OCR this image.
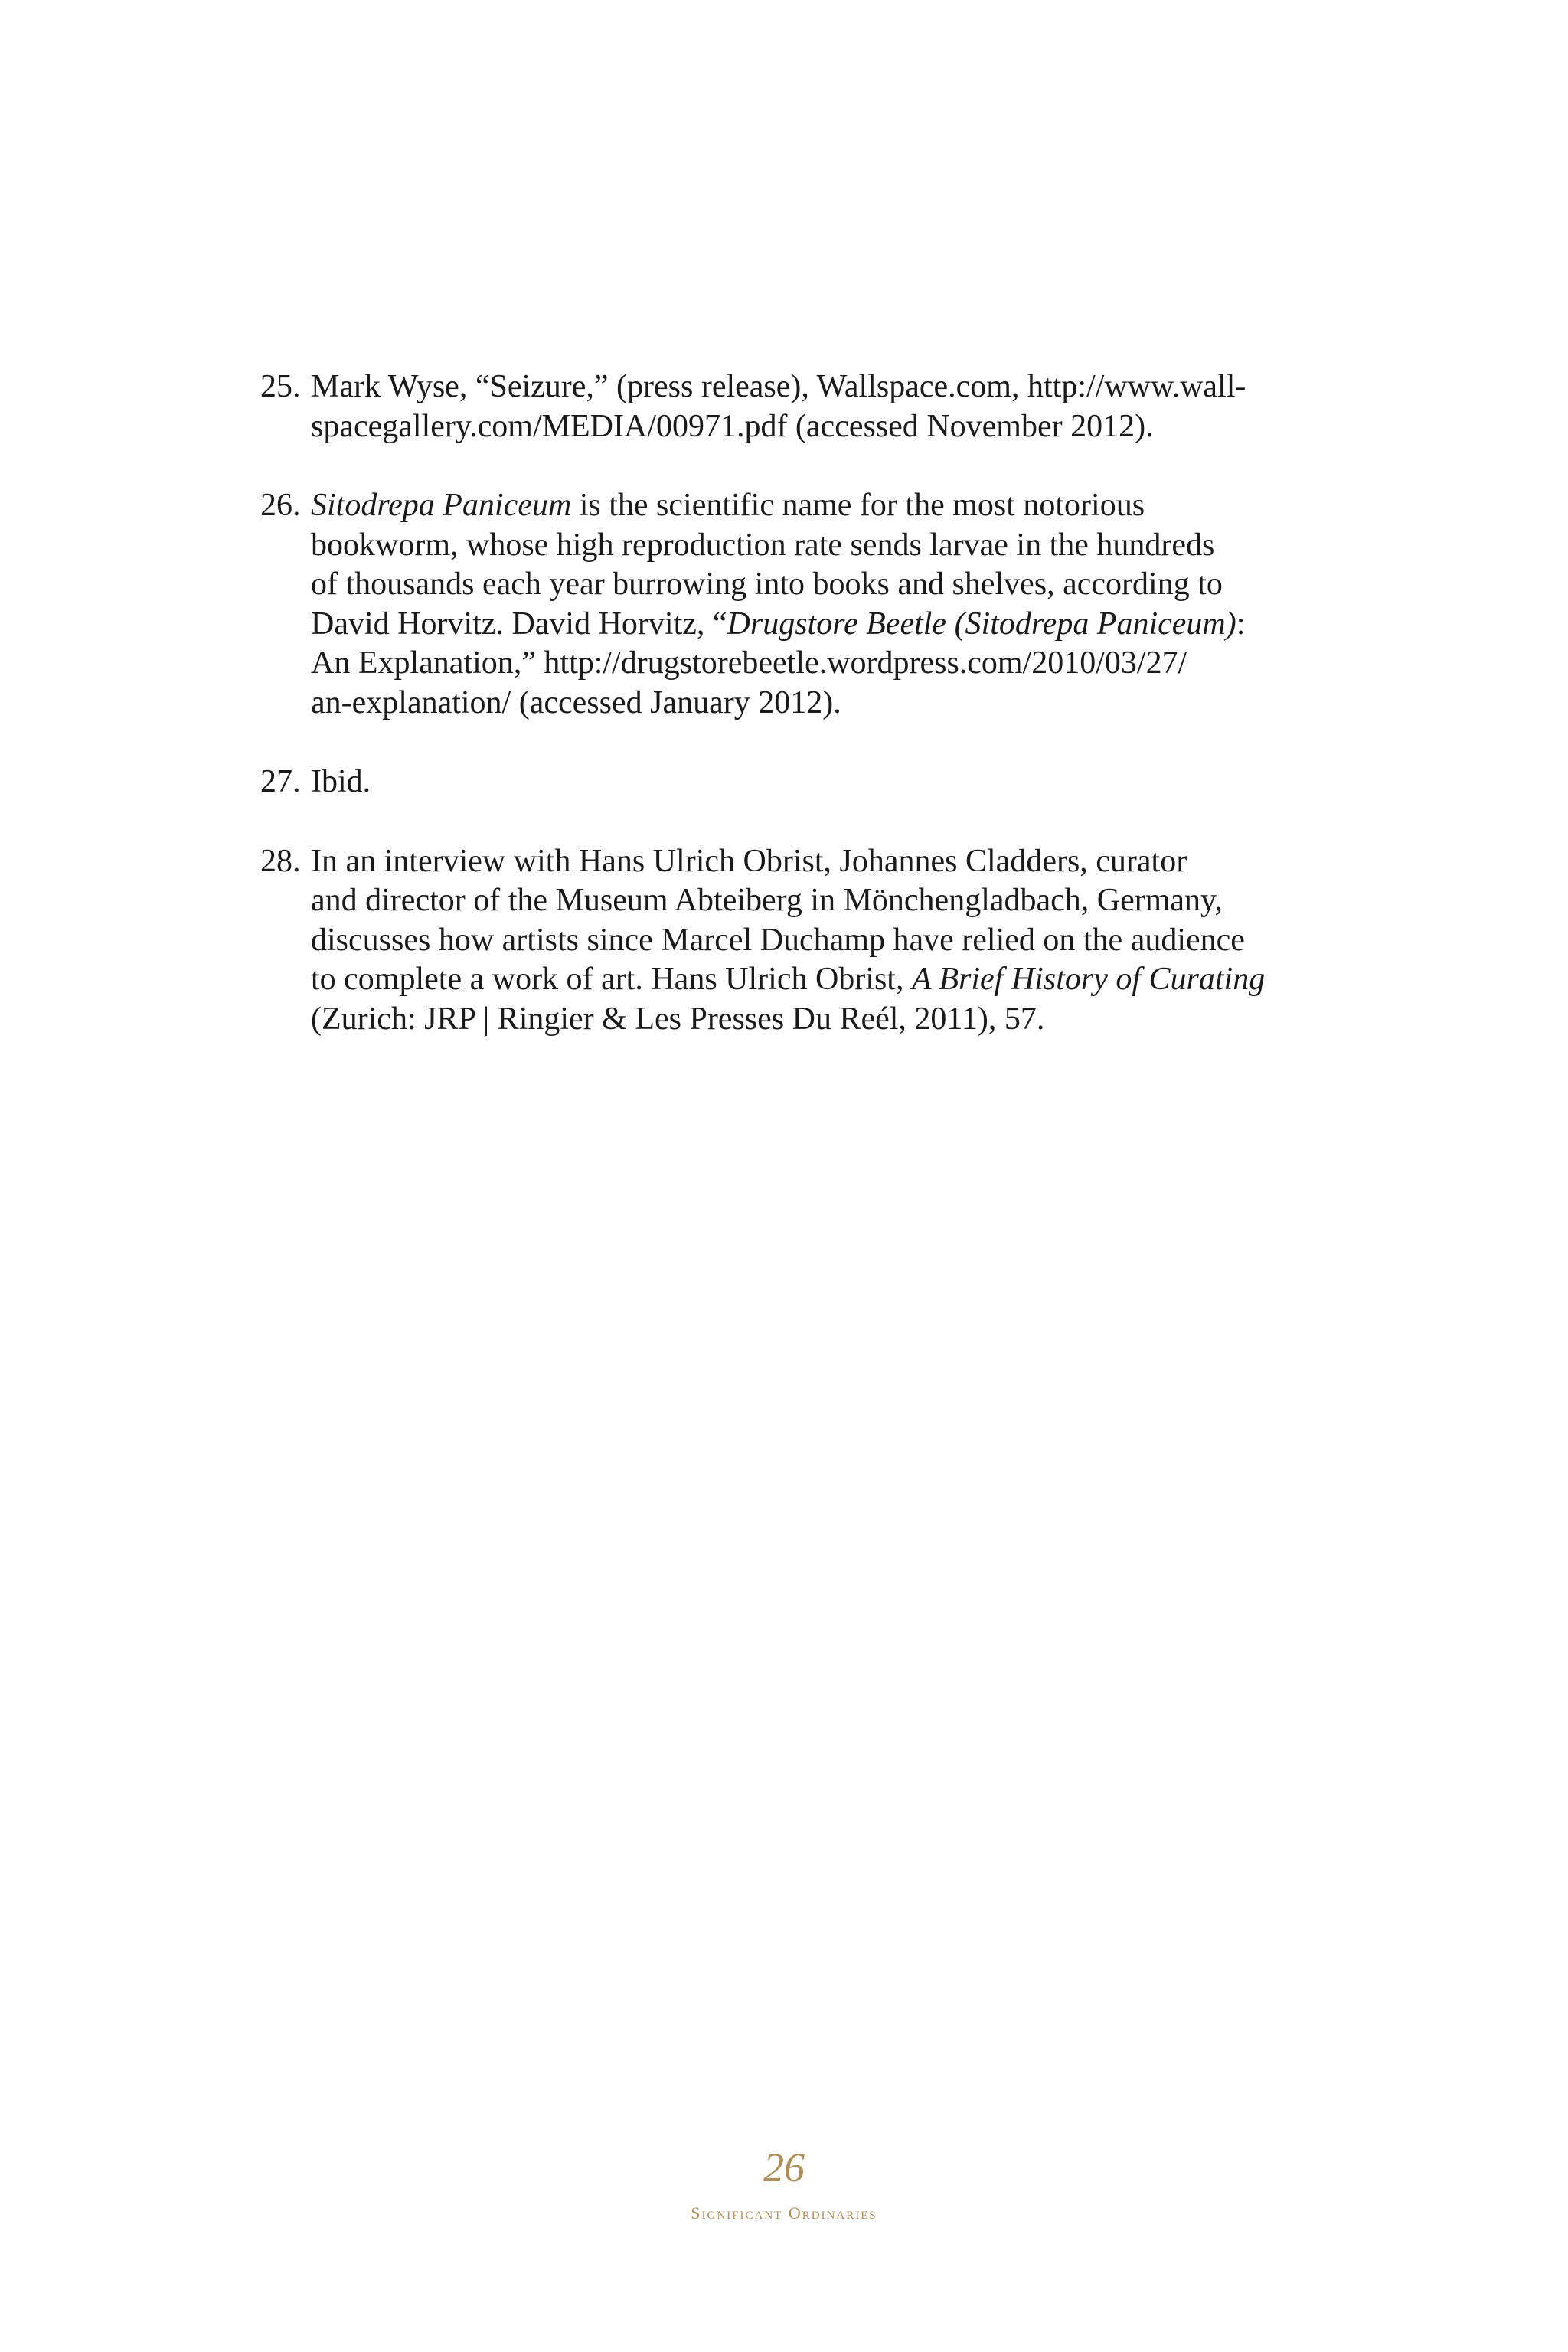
25. Mark Wyse, “Seizure,” (press release), Wallspace.com, http://www.wall-
spacegallery.com/MEDIA/00971.pdf (accessed November 2012).
26. Sitodrepa Paniceum is the scientific name for the most notorious
bookworm, whose high reproduction rate sends larvae in the hundreds
of thousands each year burrowing into books and shelves, according to
David Horvitz. David Horvitz, “Drugstore Beetle (Sitodrepa Paniceum):
An Explanation,” http://drugstorebeetle.wordpress.com/2010/03/27/
an-explanation/ (accessed January 2012).
27. Ibid.
28. In an interview with Hans Ulrich Obrist, Johannes Cladders, curator
and director of the Museum Abteiberg in Mönchengladbach, Germany,
discusses how artists since Marcel Duchamp have relied on the audience
to complete a work of art. Hans Ulrich Obrist, A Brief History of Curating
(Zurich: JRP | Ringier & Les Presses Du Reél, 2011), 57.
26
Significant Ordinaries
